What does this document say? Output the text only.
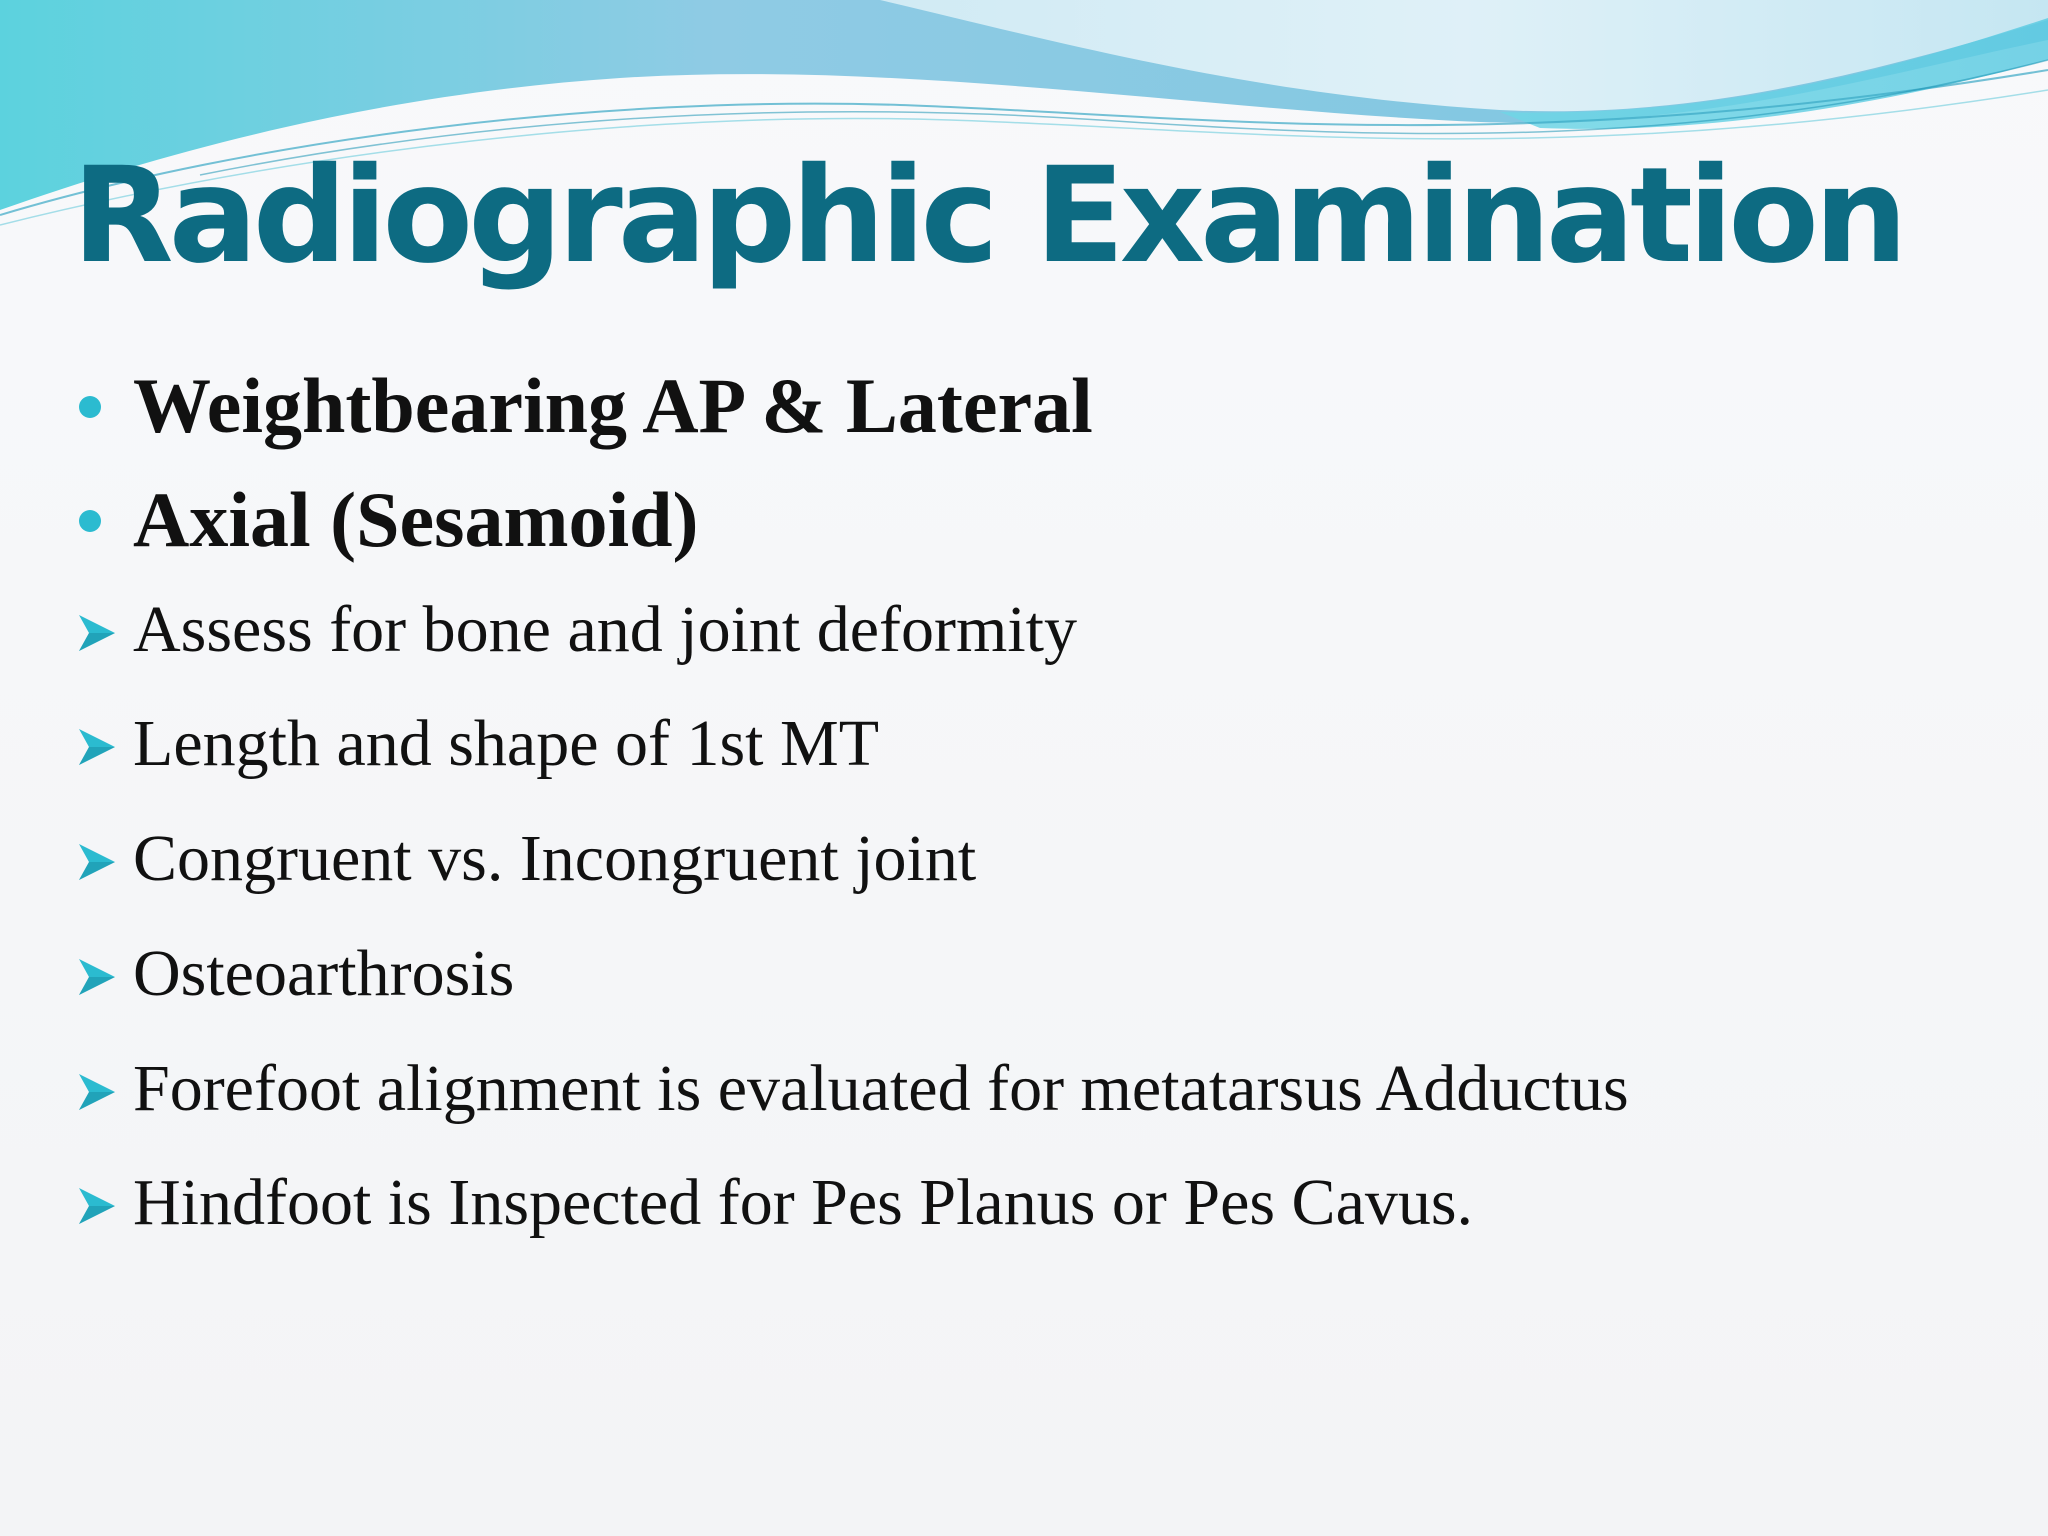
Radiographic Examination
Weightbearing AP & Lateral
Axial (Sesamoid)
Assess for bone and joint deformity
Length and shape of 1st MT
Congruent vs. Incongruent joint
Osteoarthrosis
Forefoot alignment is evaluated for metatarsus Adductus
Hindfoot is Inspected for Pes Planus or Pes Cavus.
